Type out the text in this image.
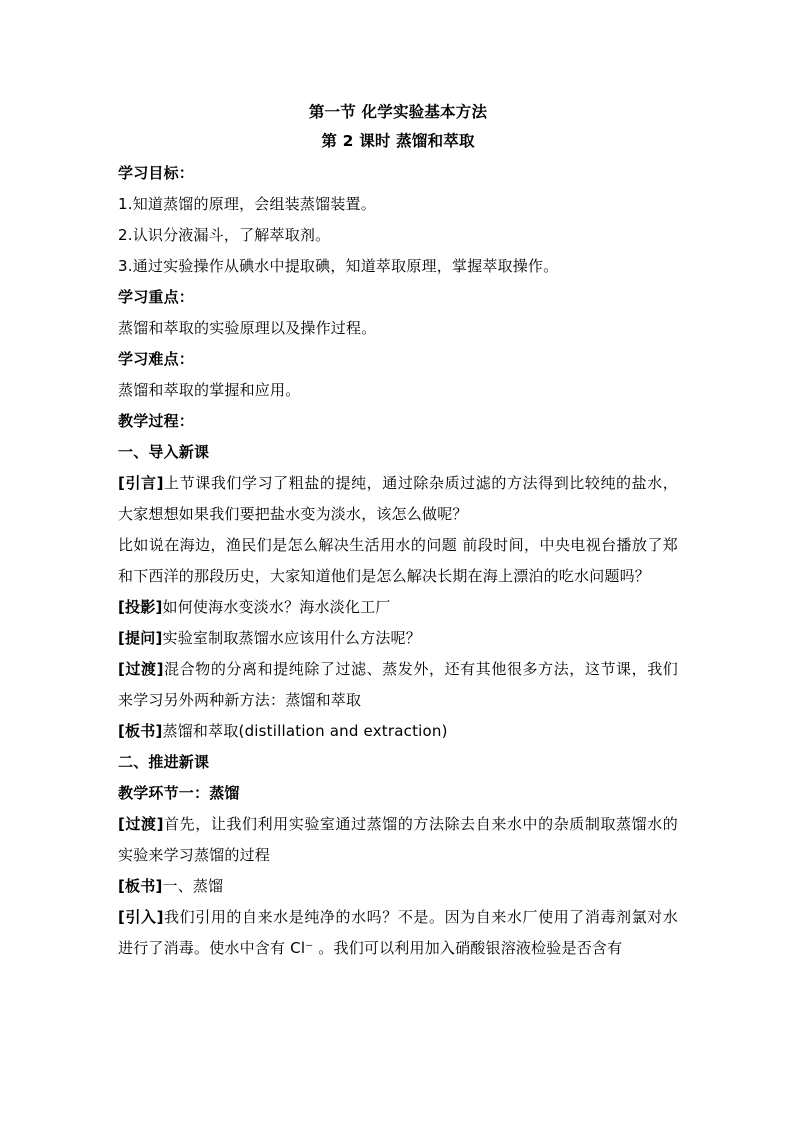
第一节 化学实验基本方法

第 2 课时 蒸馏和萃取

学习目标：

1.知道蒸馏的原理，会组装蒸馏装置。

2.认识分液漏斗，了解萃取剂。

3.通过实验操作从碘水中提取碘，知道萃取原理，掌握萃取操作。

学习重点：

蒸馏和萃取的实验原理以及操作过程。

学习难点：

蒸馏和萃取的掌握和应用。

教学过程：

一、导入新课

[引言]上节课我们学习了粗盐的提纯，通过除杂质过滤的方法得到比较纯的盐水，大家想想如果我们要把盐水变为淡水，该怎么做呢？

比如说在海边，渔民们是怎么解决生活用水的问题 前段时间，中央电视台播放了郑和下西洋的那段历史，大家知道他们是怎么解决长期在海上漂泊的吃水问题吗？

[投影]如何使海水变淡水？海水淡化工厂

[提问]实验室制取蒸馏水应该用什么方法呢？

[过渡]混合物的分离和提纯除了过滤、蒸发外，还有其他很多方法，这节课，我们来学习另外两种新方法：蒸馏和萃取

[板书]蒸馏和萃取(distillation and extraction)

二、推进新课

教学环节一：蒸馏

[过渡]首先，让我们利用实验室通过蒸馏的方法除去自来水中的杂质制取蒸馏水的实验来学习蒸馏的过程

[板书]一、蒸馏

[引入]我们引用的自来水是纯净的水吗？不是。因为自来水厂使用了消毒剂氯对水进行了消毒。使水中含有 Cl⁻ 。我们可以利用加入硝酸银溶液检验是否含有
